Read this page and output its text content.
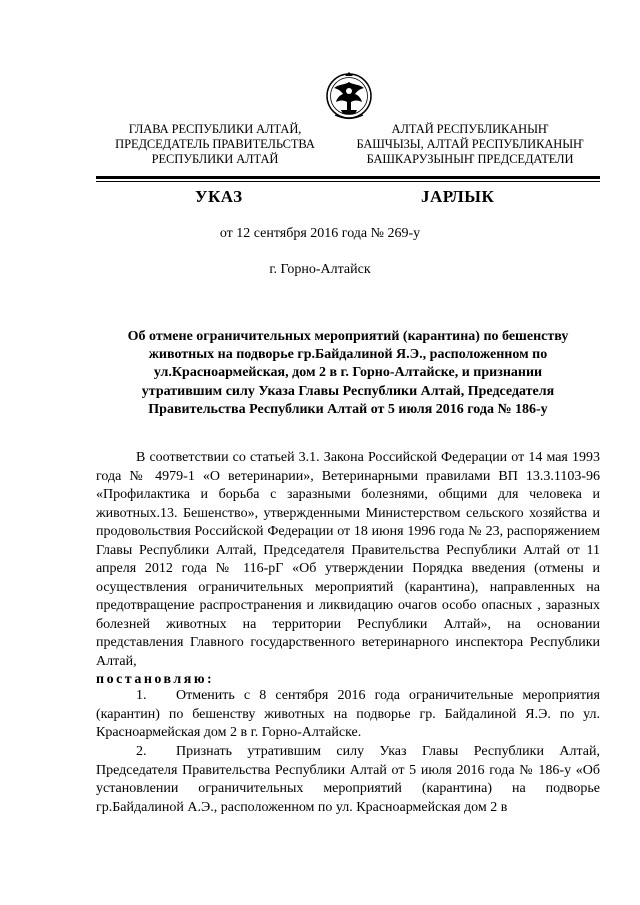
ГЛАВА РЕСПУБЛИКИ АЛТАЙ,
ПРЕДСЕДАТЕЛЬ ПРАВИТЕЛЬСТВА
РЕСПУБЛИКИ АЛТАЙ
АЛТАЙ РЕСПУБЛИКАНЫҤ
БАШЧЫЗЫ, АЛТАЙ РЕСПУБЛИКАНЫҤ
БАШКАРУЗЫНЫҤ ПРЕДСЕДАТЕЛИ
УКАЗ	JАРЛЫК
от 12 сентября 2016 года № 269-у
г. Горно-Алтайск
Об отмене ограничительных мероприятий (карантина) по бешенству
животных на подворье гр.Байдалиной Я.Э., расположенном по
ул.Красноармейская, дом 2 в г. Горно-Алтайске, и признании
утратившим силу Указа Главы Республики Алтай, Председателя
Правительства Республики Алтай от 5 июля 2016 года № 186-у
В соответствии со статьей 3.1. Закона Российской Федерации от 14 мая 1993 года № 4979-1 «О ветеринарии», Ветеринарными правилами ВП 13.3.1103-96 «Профилактика и борьба с заразными болезнями, общими для человека и животных.13. Бешенство», утвержденными Министерством сельского хозяйства и продовольствия Российской Федерации от 18 июня 1996 года № 23, распоряжением Главы Республики Алтай, Председателя Правительства Республики Алтай от 11 апреля 2012 года № 116-рГ «Об утверждении Порядка введения (отмены и осуществления ограничительных мероприятий (карантина), направленных на предотвращение распространения и ликвидацию очагов особо опасных , заразных болезней животных на территории Республики Алтай», на основании представления Главного государственного ветеринарного инспектора Республики Алтай,
постановляю:
1. Отменить с 8 сентября 2016 года ограничительные мероприятия (карантин) по бешенству животных на подворье гр. Байдалиной Я.Э. по ул. Красноармейская дом 2 в г. Горно-Алтайске.
2. Признать утратившим силу Указ Главы Республики Алтай, Председателя Правительства Республики Алтай от 5 июля 2016 года № 186-у «Об установлении ограничительных мероприятий (карантина) на подворье гр.Байдалиной А.Э., расположенном по ул. Красноармейская дом 2 в
